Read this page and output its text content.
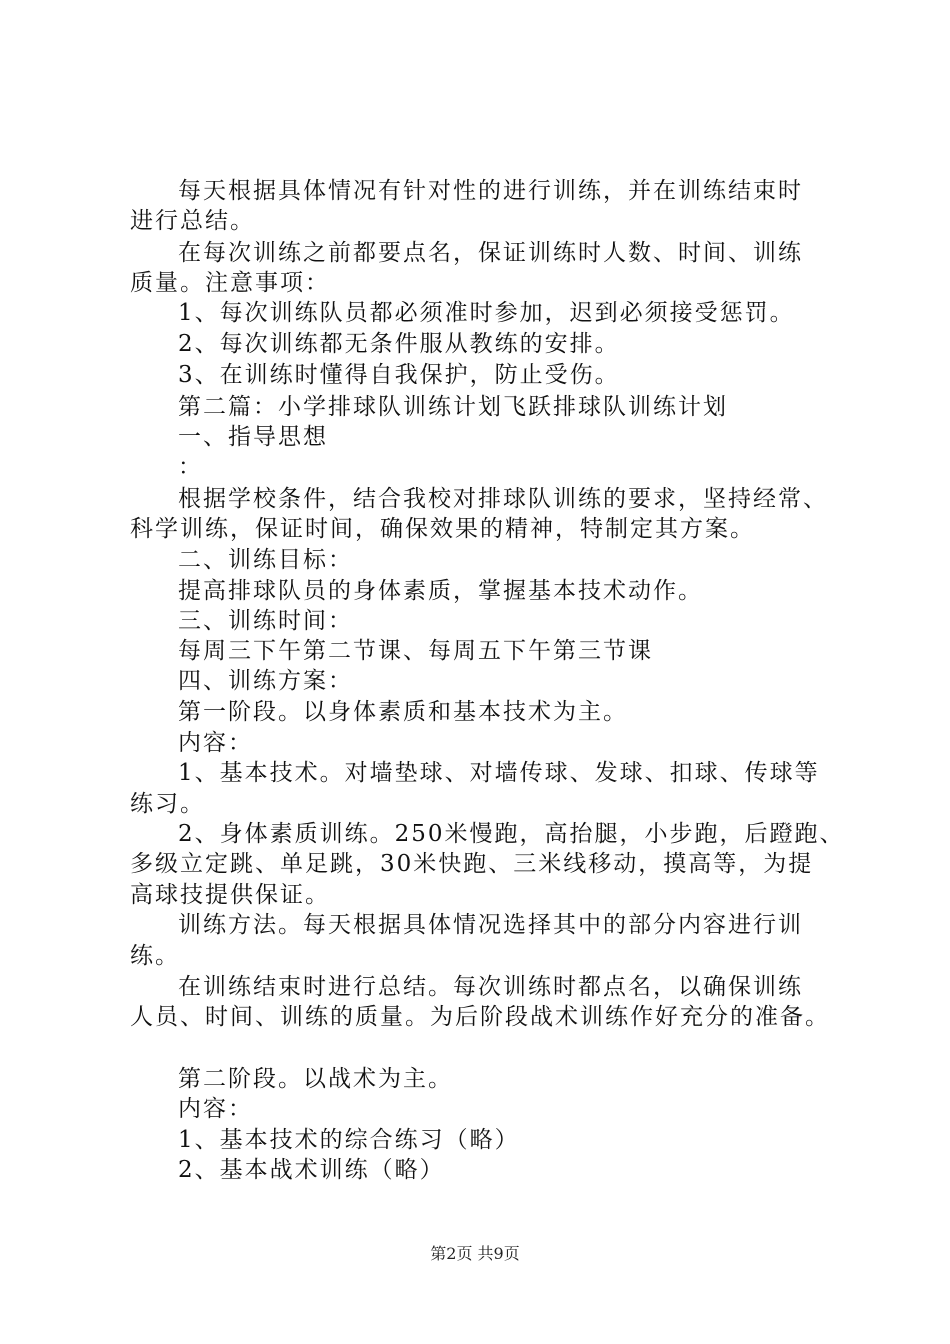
每天根据具体情况有针对性的进行训练，并在训练结束时
进行总结。
在每次训练之前都要点名，保证训练时人数、时间、训练
质量。注意事项：
1、每次训练队员都必须准时参加，迟到必须接受惩罚。
2、每次训练都无条件服从教练的安排。
3、在训练时懂得自我保护，防止受伤。
第二篇：小学排球队训练计划飞跃排球队训练计划
一、指导思想
：
根据学校条件，结合我校对排球队训练的要求，坚持经常、
科学训练，保证时间，确保效果的精神，特制定其方案。
二、训练目标：
提高排球队员的身体素质，掌握基本技术动作。
三、训练时间：
每周三下午第二节课、每周五下午第三节课
四、训练方案：
第一阶段。以身体素质和基本技术为主。
内容：
1、基本技术。对墙垫球、对墙传球、发球、扣球、传球等
练习。
2、身体素质训练。250米慢跑，高抬腿，小步跑，后蹬跑、
多级立定跳、单足跳，30米快跑、三米线移动，摸高等，为提
高球技提供保证。
训练方法。每天根据具体情况选择其中的部分内容进行训
练。
在训练结束时进行总结。每次训练时都点名，以确保训练
人员、时间、训练的质量。为后阶段战术训练作好充分的准备。
第二阶段。以战术为主。
内容：
1、基本技术的综合练习（略）
2、基本战术训练（略）
第2页 共9页
